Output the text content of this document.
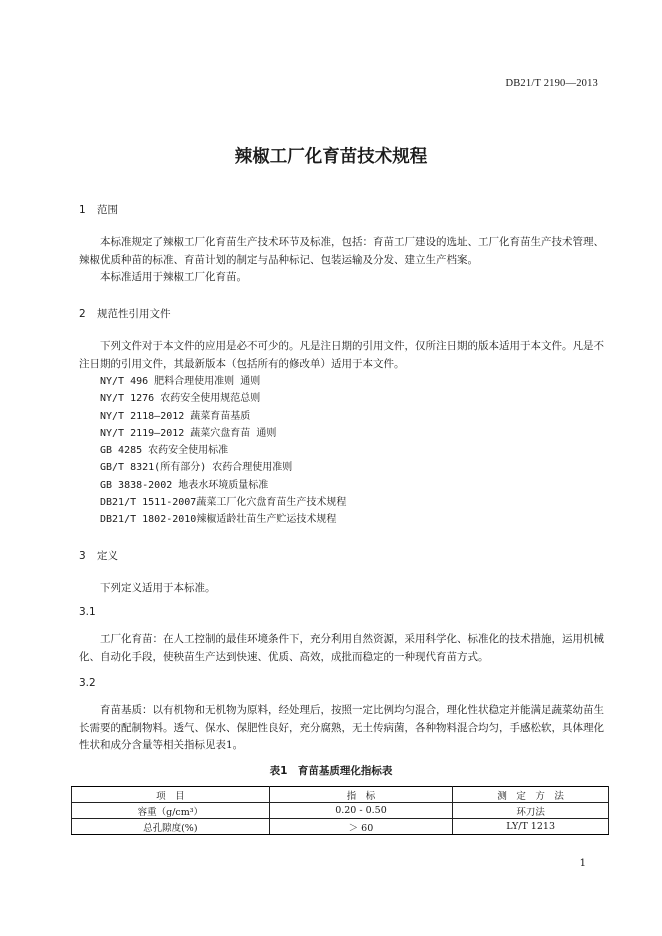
DB21/T 2190—2013
辣椒工厂化育苗技术规程
1 范围
本标准规定了辣椒工厂化育苗生产技术环节及标准，包括：育苗工厂建设的选址、工厂化育苗生产技术管理、辣椒优质种苗的标准、育苗计划的制定与品种标记、包装运输及分发、建立生产档案。
本标准适用于辣椒工厂化育苗。
2 规范性引用文件
下列文件对于本文件的应用是必不可少的。凡是注日期的引用文件，仅所注日期的版本适用于本文件。凡是不注日期的引用文件，其最新版本（包括所有的修改单）适用于本文件。
NY/T 496 肥料合理使用准则 通则
NY/T 1276 农药安全使用规范总则
NY/T 2118—2012 蔬菜育苗基质
NY/T 2119—2012 蔬菜穴盘育苗 通则
GB 4285 农药安全使用标准
GB/T 8321(所有部分) 农药合理使用准则
GB 3838-2002 地表水环境质量标准
DB21/T 1511-2007蔬菜工厂化穴盘育苗生产技术规程
DB21/T 1802-2010辣椒适龄壮苗生产贮运技术规程
3 定义
下列定义适用于本标准。
3.1
工厂化育苗：在人工控制的最佳环境条件下，充分利用自然资源，采用科学化、标准化的技术措施，运用机械化、自动化手段，使秧苗生产达到快速、优质、高效，成批而稳定的一种现代育苗方式。
3.2
育苗基质：以有机物和无机物为原料，经处理后，按照一定比例均匀混合，理化性状稳定并能满足蔬菜幼苗生长需要的配制物料。透气、保水、保肥性良好，充分腐熟，无土传病菌，各种物料混合均匀，手感松软，具体理化性状和成分含量等相关指标见表1。
表1　育苗基质理化指标表
项　目	指　标	测　定　方　法
容重（g/cm³）	0.20 - 0.50	环刀法
总孔隙度(%)	＞ 60	LY/T 1213
1
